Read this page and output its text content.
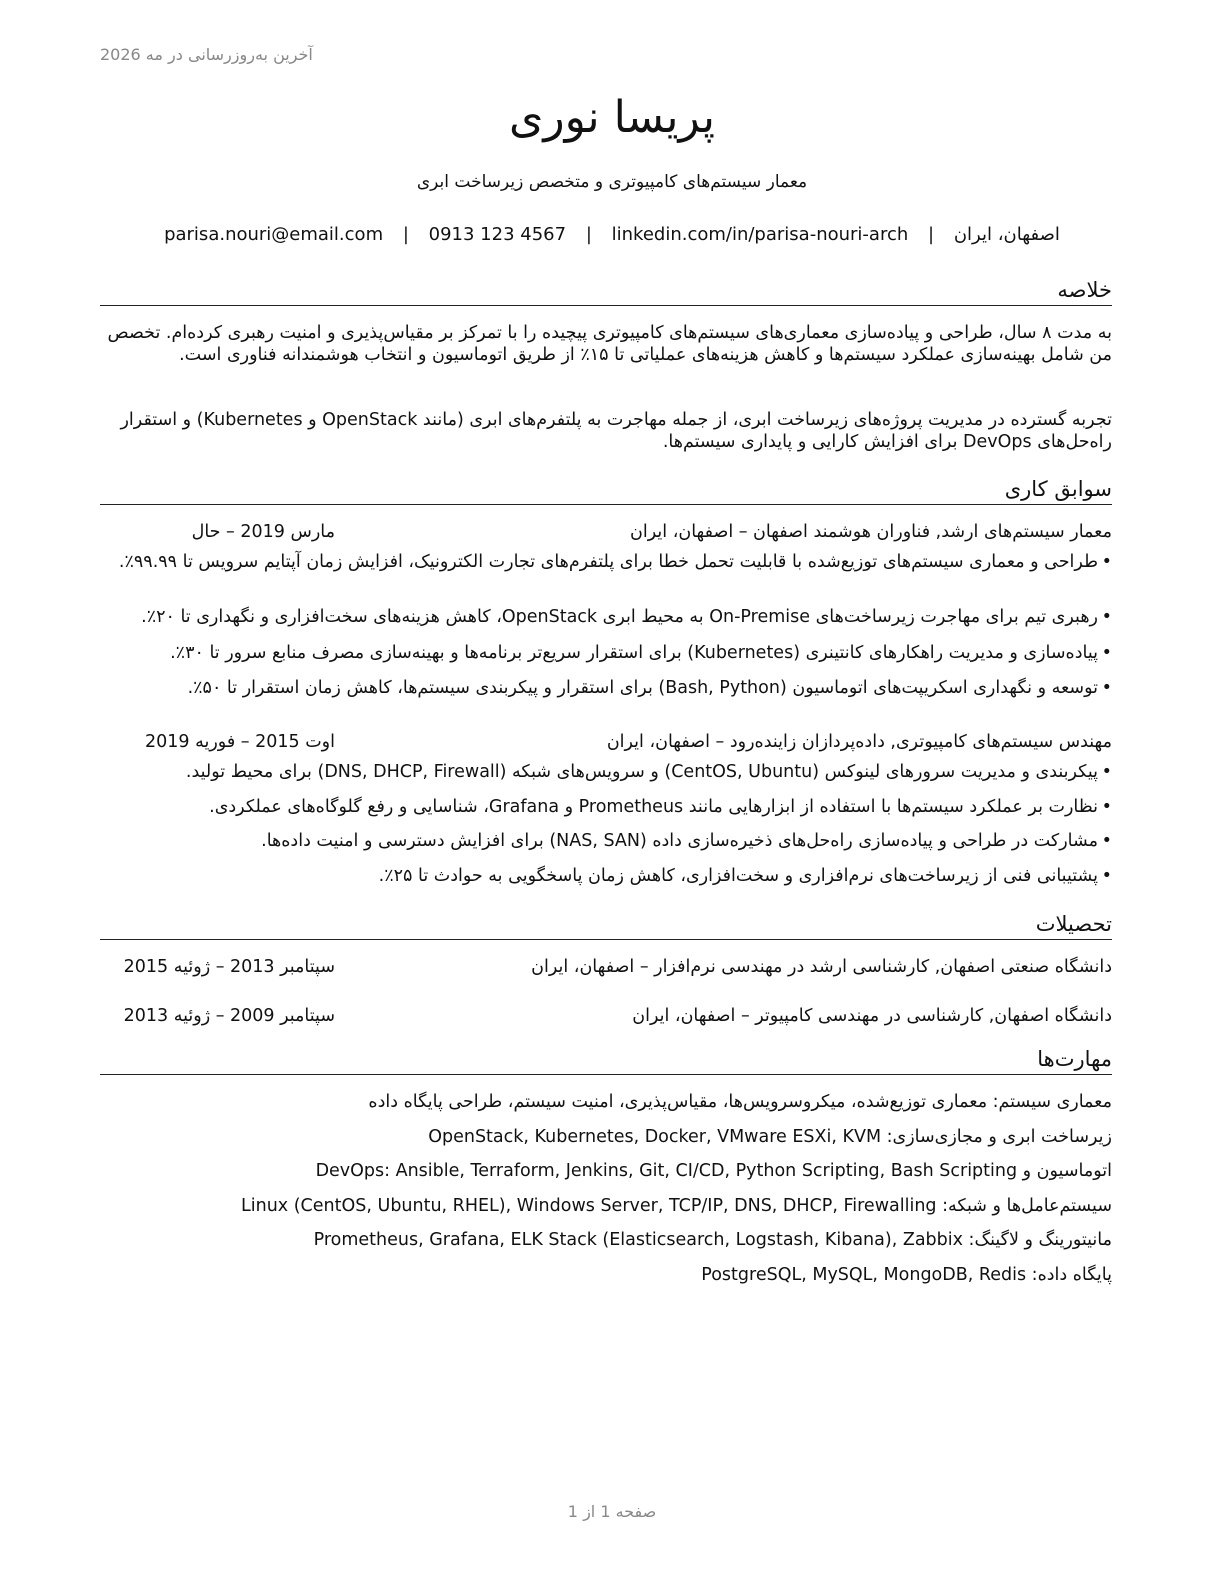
آخرین به‌روزرسانی در مه 2026
پریسا نوری
معمار سیستم‌های کامپیوتری و متخصص زیرساخت ابری
اصفهان، ایران | parisa.nouri@email.com | 0913 123 4567 | linkedin.com/in/parisa-nouri-arch
خلاصه
به مدت ۸ سال، طراحی و پیاده‌سازی معماری‌های سیستم‌های کامپیوتری پیچیده را با تمرکز بر مقیاس‌پذیری و امنیت رهبری کرده‌ام. تخصص من شامل بهینه‌سازی عملکرد سیستم‌ها و کاهش هزینه‌های عملیاتی تا ۱۵٪ از طریق اتوماسیون و انتخاب هوشمندانه فناوری است.
تجربه گسترده در مدیریت پروژه‌های زیرساخت ابری، از جمله مهاجرت به پلتفرم‌های ابری (مانند OpenStack و Kubernetes) و استقرار راه‌حل‌های DevOps برای افزایش کارایی و پایداری سیستم‌ها.
سوابق کاری
معمار سیستم‌های ارشد, فناوران هوشمند اصفهان – اصفهان، ایران
مارس 2019 – حال
•طراحی و معماری سیستم‌های توزیع‌شده با قابلیت تحمل خطا برای پلتفرم‌های تجارت الکترونیک، افزایش زمان آپتایم سرویس تا ۹۹.۹۹٪.
•رهبری تیم برای مهاجرت زیرساخت‌های On-Premise به محیط ابری OpenStack، کاهش هزینه‌های سخت‌افزاری و نگهداری تا ۲۰٪.
•پیاده‌سازی و مدیریت راهکارهای کانتینری (Kubernetes) برای استقرار سریع‌تر برنامه‌ها و بهینه‌سازی مصرف منابع سرور تا ۳۰٪.
•توسعه و نگهداری اسکریپت‌های اتوماسیون (Bash, Python) برای استقرار و پیکربندی سیستم‌ها، کاهش زمان استقرار تا ۵۰٪.
مهندس سیستم‌های کامپیوتری, داده‌پردازان زاینده‌رود – اصفهان، ایران
اوت 2015 – فوریه 2019
•پیکربندی و مدیریت سرورهای لینوکس (CentOS, Ubuntu) و سرویس‌های شبکه (DNS, DHCP, Firewall) برای محیط تولید.
•نظارت بر عملکرد سیستم‌ها با استفاده از ابزارهایی مانند Prometheus و Grafana، شناسایی و رفع گلوگاه‌های عملکردی.
•مشارکت در طراحی و پیاده‌سازی راه‌حل‌های ذخیره‌سازی داده (NAS, SAN) برای افزایش دسترسی و امنیت داده‌ها.
•پشتیبانی فنی از زیرساخت‌های نرم‌افزاری و سخت‌افزاری، کاهش زمان پاسخگویی به حوادث تا ۲۵٪.
تحصیلات
دانشگاه صنعتی اصفهان, کارشناسی ارشد در مهندسی نرم‌افزار – اصفهان، ایران
سپتامبر 2013 – ژوئیه 2015
دانشگاه اصفهان, کارشناسی در مهندسی کامپیوتر – اصفهان، ایران
سپتامبر 2009 – ژوئیه 2013
مهارت‌ها
معماری سیستم: معماری توزیع‌شده، میکروسرویس‌ها، مقیاس‌پذیری، امنیت سیستم، طراحی پایگاه داده
زیرساخت ابری و مجازی‌سازی: OpenStack, Kubernetes, Docker, VMware ESXi, KVM
اتوماسیون و DevOps: Ansible, Terraform, Jenkins, Git, CI/CD, Python Scripting, Bash Scripting
سیستم‌عامل‌ها و شبکه: Linux (CentOS, Ubuntu, RHEL), Windows Server, TCP/IP, DNS, DHCP, Firewalling
مانیتورینگ و لاگینگ: Prometheus, Grafana, ELK Stack (Elasticsearch, Logstash, Kibana), Zabbix
پایگاه داده: PostgreSQL, MySQL, MongoDB, Redis
صفحه 1 از 1
